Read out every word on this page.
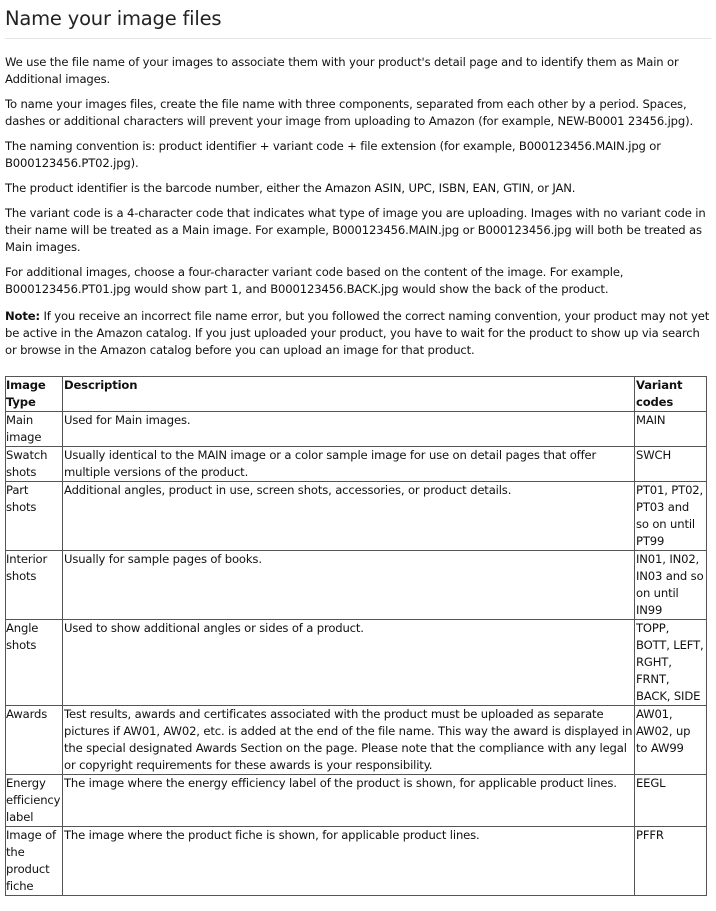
Name your image files

We use the file name of your images to associate them with your product's detail page and to identify them as Main or Additional images.

To name your images files, create the file name with three components, separated from each other by a period. Spaces, dashes or additional characters will prevent your image from uploading to Amazon (for example, NEW-B0001 23456.jpg).

The naming convention is: product identifier + variant code + file extension (for example, B000123456.MAIN.jpg or B000123456.PT02.jpg).

The product identifier is the barcode number, either the Amazon ASIN, UPC, ISBN, EAN, GTIN, or JAN.

The variant code is a 4-character code that indicates what type of image you are uploading. Images with no variant code in their name will be treated as a Main image. For example, B000123456.MAIN.jpg or B000123456.jpg will both be treated as Main images.

For additional images, choose a four-character variant code based on the content of the image. For example, B000123456.PT01.jpg would show part 1, and B000123456.BACK.jpg would show the back of the product.

Note: If you receive an incorrect file name error, but you followed the correct naming convention, your product may not yet be active in the Amazon catalog. If you just uploaded your product, you have to wait for the product to show up via search or browse in the Amazon catalog before you can upload an image for that product.

Image Type	Description	Variant codes
Main image	Used for Main images.	MAIN
Swatch shots	Usually identical to the MAIN image or a color sample image for use on detail pages that offer multiple versions of the product.	SWCH
Part shots	Additional angles, product in use, screen shots, accessories, or product details.	PT01, PT02, PT03 and so on until PT99
Interior shots	Usually for sample pages of books.	IN01, IN02, IN03 and so on until IN99
Angle shots	Used to show additional angles or sides of a product.	TOPP, BOTT, LEFT, RGHT, FRNT, BACK, SIDE
Awards	Test results, awards and certificates associated with the product must be uploaded as separate pictures if AW01, AW02, etc. is added at the end of the file name. This way the award is displayed in the special designated Awards Section on the page. Please note that the compliance with any legal or copyright requirements for these awards is your responsibility.	AW01, AW02, up to AW99
Energy efficiency label	The image where the energy efficiency label of the product is shown, for applicable product lines.	EEGL
Image of the product fiche	The image where the product fiche is shown, for applicable product lines.	PFFR
